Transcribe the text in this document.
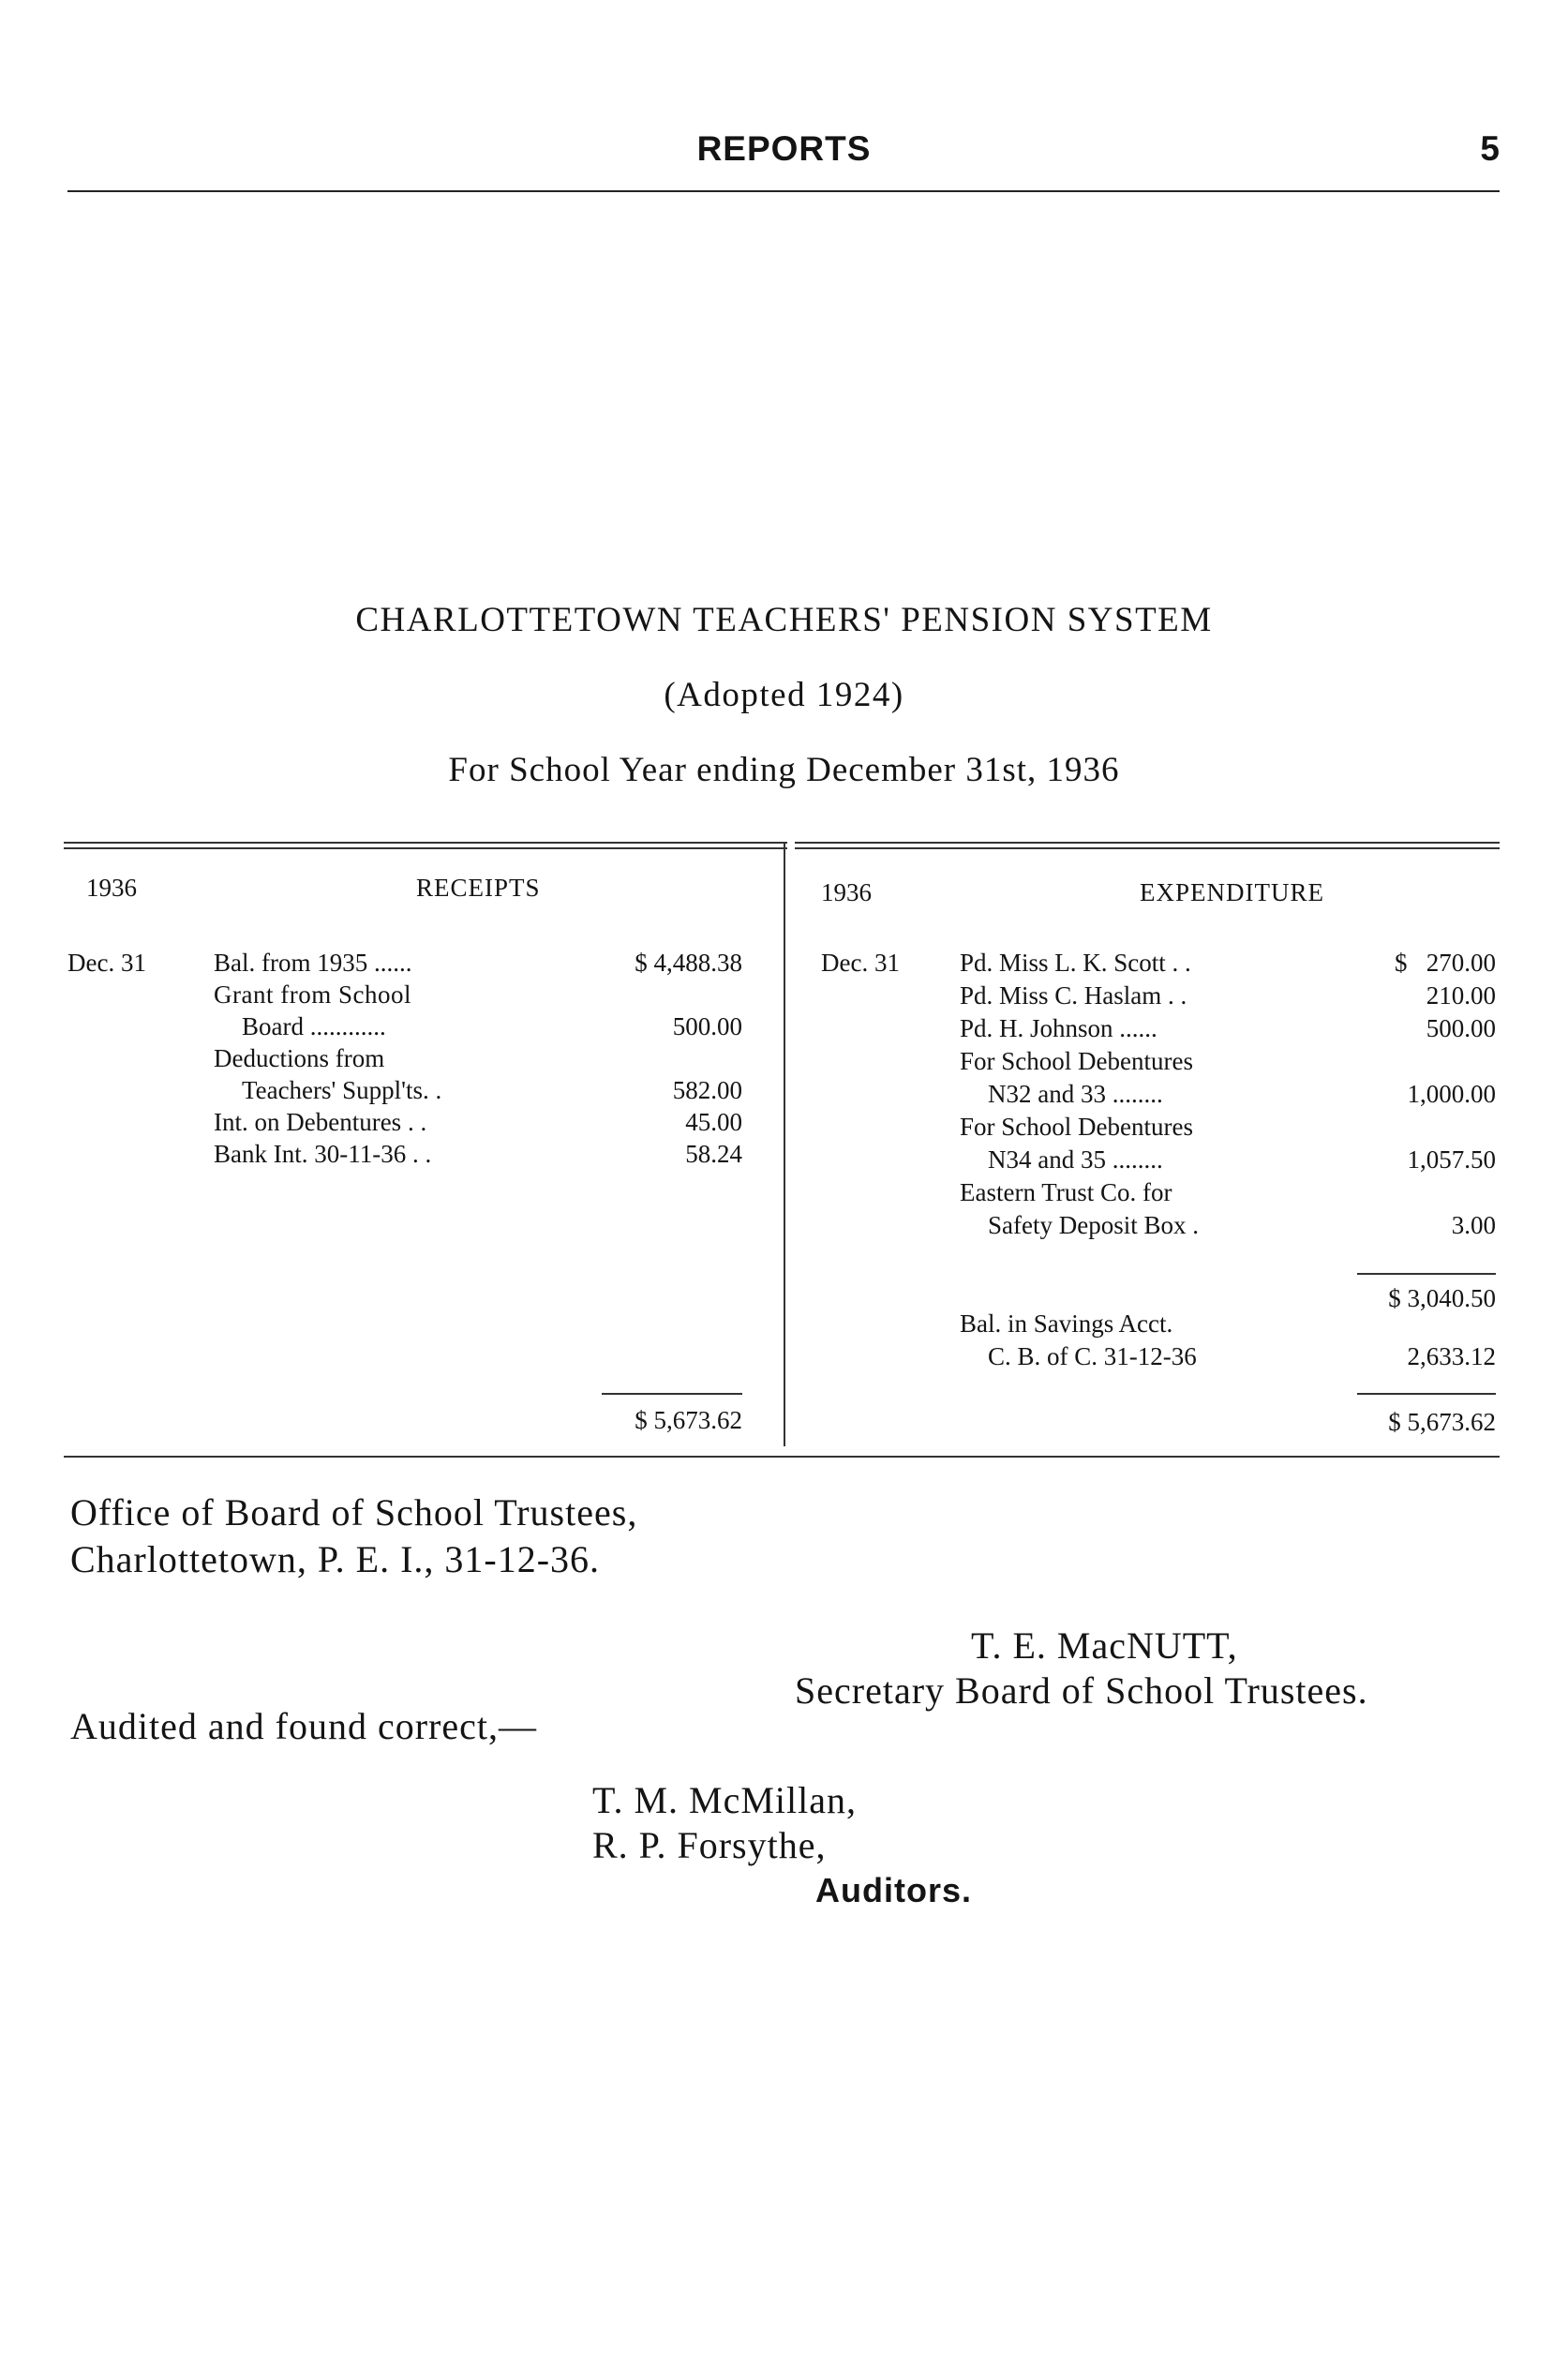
REPORTS	5
CHARLOTTETOWN TEACHERS' PENSION SYSTEM
(Adopted 1924)
For School Year ending December 31st, 1936
1936	RECEIPTS
Dec. 31	Bal. from 1935 ......	$ 4,488.38
Grant from School
Board ............	500.00
Deductions from
Teachers' Suppl'ts. .	582.00
Int. on Debentures . .	45.00
Bank Int. 30-11-36 . .	58.24
$ 5,673.62
1936	EXPENDITURE
Dec. 31 Pd. Miss L. K. Scott . .	$   270.00
Pd. Miss C. Haslam . .	210.00
Pd. H. Johnson ......	500.00
For School Debentures
N32 and 33 ........	1,000.00
For School Debentures
N34 and 35 ........	1,057.50
Eastern Trust Co. for
Safety Deposit Box .	3.00
$ 3,040.50
Bal. in Savings Acct.
C. B. of C. 31-12-36	2,633.12
$ 5,673.62
Office of Board of School Trustees,
Charlottetown, P. E. I., 31-12-36.
T. E. MacNUTT,
Secretary Board of School Trustees.
Audited and found correct,—
T. M. McMillan,
R. P. Forsythe,
Auditors.
